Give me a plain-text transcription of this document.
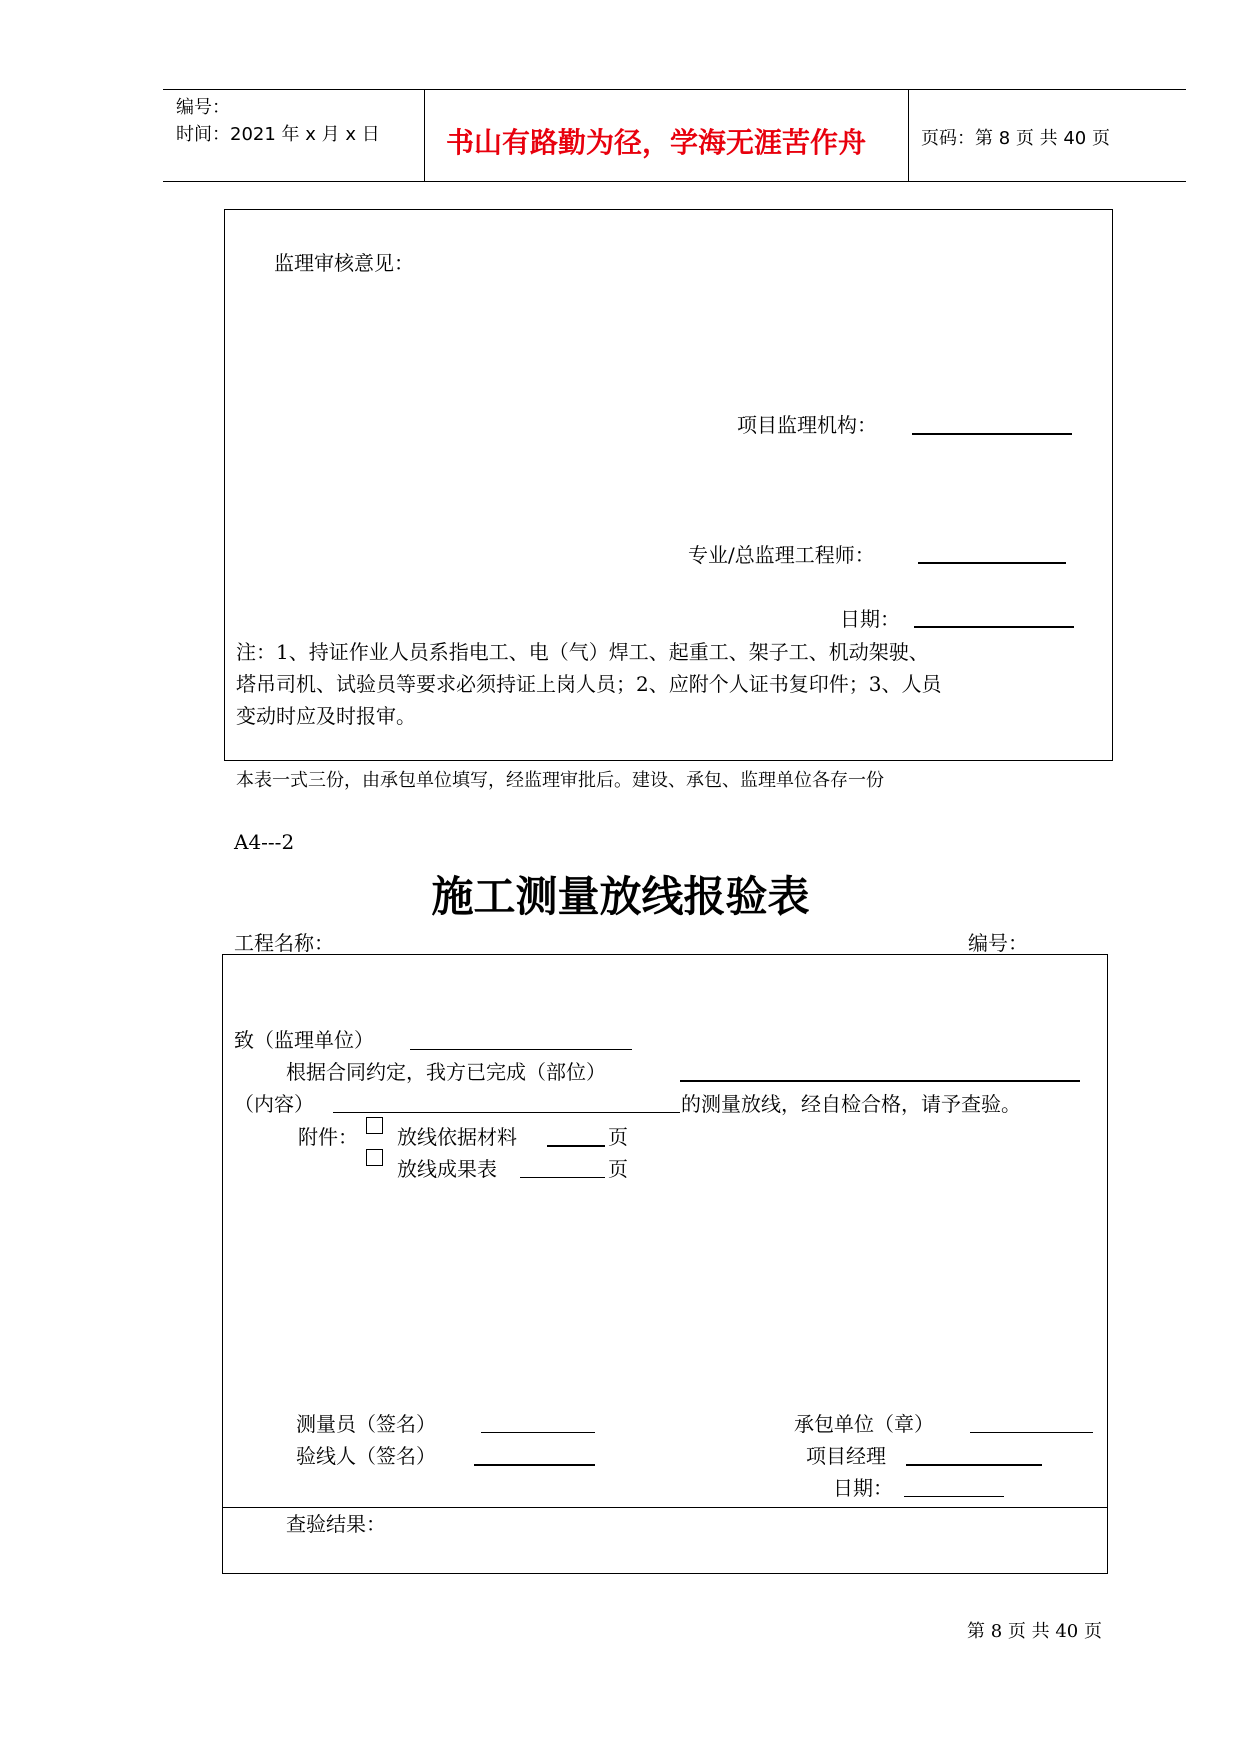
编号：
时间：2021 年 x 月 x 日 书山有路勤为径，学海无涯苦作舟	页码：第 8 页 共 40 页
监理审核意见：
项目监理机构：
专业/总监理工程师：
日期：
注：1、持证作业人员系指电工、电（气）焊工、起重工、架子工、机动架驶、
塔吊司机、试验员等要求必须持证上岗人员；2、应附个人证书复印件；3、人员
变动时应及时报审。
本表一式三份，由承包单位填写，经监理审批后。建设、承包、监理单位各存一份
A4---2
施工测量放线报验表
工程名称：	编号：
致（监理单位）
根据合同约定，我方已完成（部位）
（内容）	的测量放线，经自检合格，请予查验。
附件： 放线依据材料	页
放线成果表	页
测量员（签名）
验线人（签名）
承包单位（章）
项目经理
日期：
查验结果：
第 8 页 共 40 页
